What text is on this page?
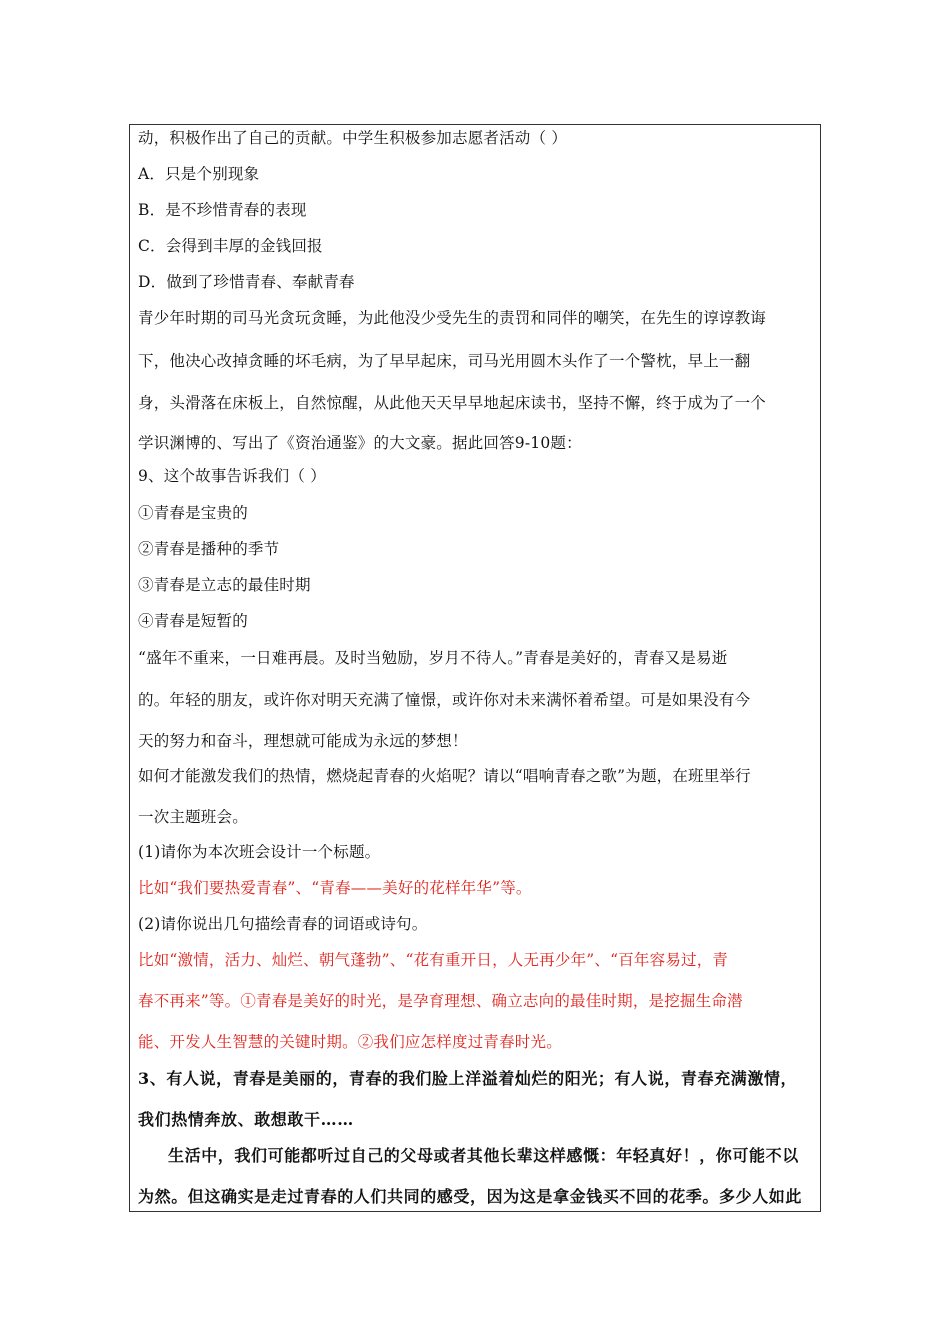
动，积极作出了自己的贡献。中学生积极参加志愿者活动（ ）
A．只是个别现象
B．是不珍惜青春的表现
C．会得到丰厚的金钱回报
D．做到了珍惜青春、奉献青春
青少年时期的司马光贪玩贪睡，为此他没少受先生的责罚和同伴的嘲笑，在先生的谆谆教诲
下，他决心改掉贪睡的坏毛病，为了早早起床，司马光用圆木头作了一个警枕，早上一翻
身，头滑落在床板上，自然惊醒，从此他天天早早地起床读书，坚持不懈，终于成为了一个
学识渊博的、写出了《资治通鉴》的大文豪。据此回答9-10题：
9、这个故事告诉我们（ ）
①青春是宝贵的
②青春是播种的季节
③青春是立志的最佳时期
④青春是短暂的
“盛年不重来，一日难再晨。及时当勉励，岁月不待人。”青春是美好的，青春又是易逝
的。年轻的朋友，或许你对明天充满了憧憬，或许你对未来满怀着希望。可是如果没有今
天的努力和奋斗，理想就可能成为永远的梦想！
如何才能激发我们的热情，燃烧起青春的火焰呢？请以“唱响青春之歌”为题，在班里举行
一次主题班会。
(1)请你为本次班会设计一个标题。
比如“我们要热爱青春”、“青春——美好的花样年华”等。
(2)请你说出几句描绘青春的词语或诗句。
比如“激情，活力、灿烂、朝气蓬勃”、“花有重开日，人无再少年”、“百年容易过，青
春不再来”等。①青春是美好的时光，是孕育理想、确立志向的最佳时期，是挖掘生命潜
能、开发人生智慧的关键时期。②我们应怎样度过青春时光。
3、有人说，青春是美丽的，青春的我们脸上洋溢着灿烂的阳光；有人说，青春充满激情，
我们热情奔放、敢想敢干……
生活中，我们可能都听过自己的父母或者其他长辈这样感慨：年轻真好！，你可能不以
为然。但这确实是走过青春的人们共同的感受，因为这是拿金钱买不回的花季。多少人如此
